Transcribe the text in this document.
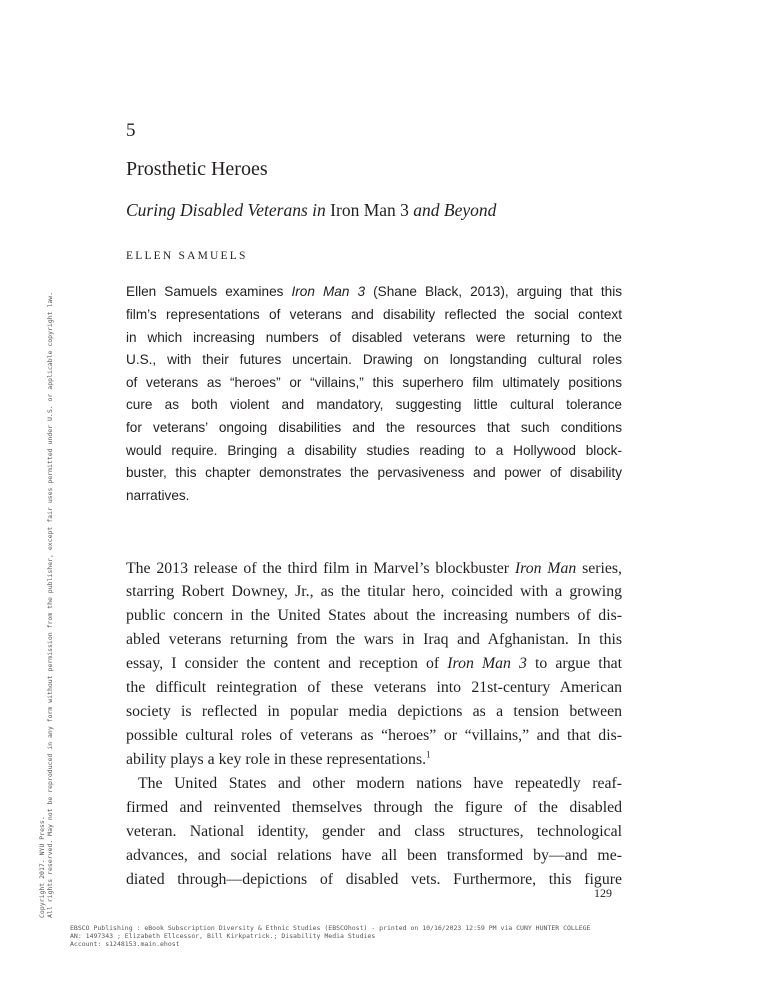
5
Prosthetic Heroes
Curing Disabled Veterans in Iron Man 3 and Beyond
ELLEN SAMUELS
Ellen Samuels examines Iron Man 3 (Shane Black, 2013), arguing that this
film’s representations of veterans and disability reflected the social context
in which increasing numbers of disabled veterans were returning to the
U.S., with their futures uncertain. Drawing on longstanding cultural roles
of veterans as “heroes” or “villains,” this superhero film ultimately positions
cure as both violent and mandatory, suggesting little cultural tolerance
for veterans’ ongoing disabilities and the resources that such conditions
would require. Bringing a disability studies reading to a Hollywood block-
buster, this chapter demonstrates the pervasiveness and power of disability
narratives.
The 2013 release of the third film in Marvel’s blockbuster Iron Man series,
starring Robert Downey, Jr., as the titular hero, coincided with a growing
public concern in the United States about the increasing numbers of dis-
abled veterans returning from the wars in Iraq and Afghanistan. In this
essay, I consider the content and reception of Iron Man 3 to argue that
the difficult reintegration of these veterans into 21st-century American
society is reflected in popular media depictions as a tension between
possible cultural roles of veterans as “heroes” or “villains,” and that dis-
ability plays a key role in these representations.$^1$
The United States and other modern nations have repeatedly reaf-
firmed and reinvented themselves through the figure of the disabled
veteran. National identity, gender and class structures, technological
advances, and social relations have all been transformed by—and me-
diated through—depictions of disabled vets. Furthermore, this figure
129
Copyright 2017. NYU Press. All rights reserved. May not be reproduced in any form without permission from the publisher, except fair uses permitted under U.S. or applicable copyright law.
EBSCO Publishing : eBook Subscription Diversity & Ethnic Studies (EBSCOhost) - printed on 10/16/2023 12:59 PM via CUNY HUNTER COLLEGE
AN: 1497343 ; Elizabeth Ellcessor, Bill Kirkpatrick.; Disability Media Studies
Account: s1248153.main.ehost
